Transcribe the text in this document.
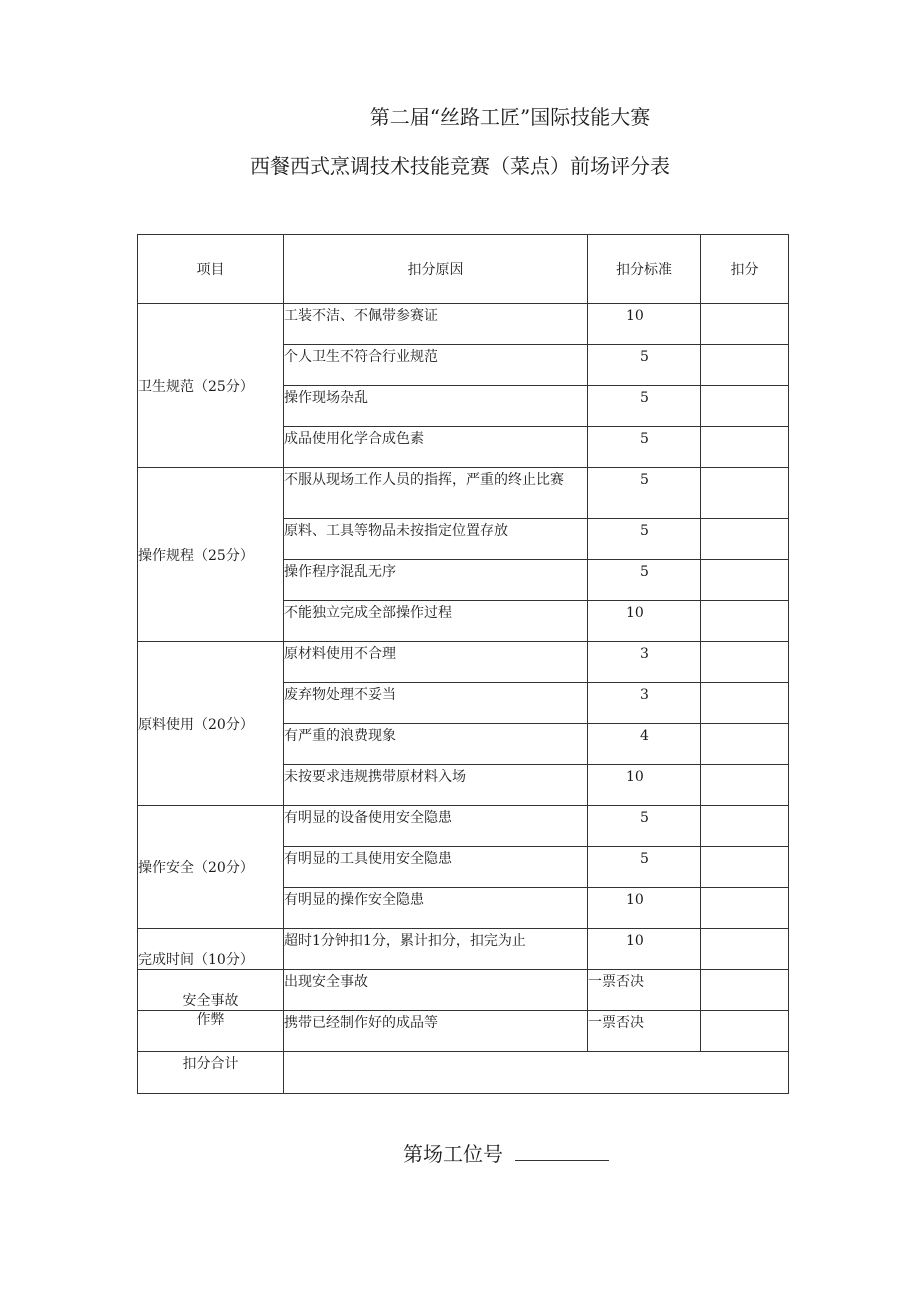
第二届“丝路工匠”国际技能大赛
西餐西式烹调技术技能竞赛（菜点）前场评分表
项目	扣分原因	扣分标准	扣分
卫生规范（25分）	工装不洁、不佩带参赛证	10	
	个人卫生不符合行业规范	5	
	操作现场杂乱	5	
	成品使用化学合成色素	5	
操作规程（25分）	不服从现场工作人员的指挥，严重的终止比赛	5	
	原料、工具等物品未按指定位置存放	5	
	操作程序混乱无序	5	
	不能独立完成全部操作过程	10	
原料使用（20分）	原材料使用不合理	3	
	废弃物处理不妥当	3	
	有严重的浪费现象	4	
	未按要求违规携带原材料入场	10	
操作安全（20分）	有明显的设备使用安全隐患	5	
	有明显的工具使用安全隐患	5	
	有明显的操作安全隐患	10	
完成时间（10分）	超时1分钟扣1分，累计扣分，扣完为止	10	
安全事故	出现安全事故	一票否决	
作弊	携带已经制作好的成品等	一票否决	
扣分合计			
第场工位号
